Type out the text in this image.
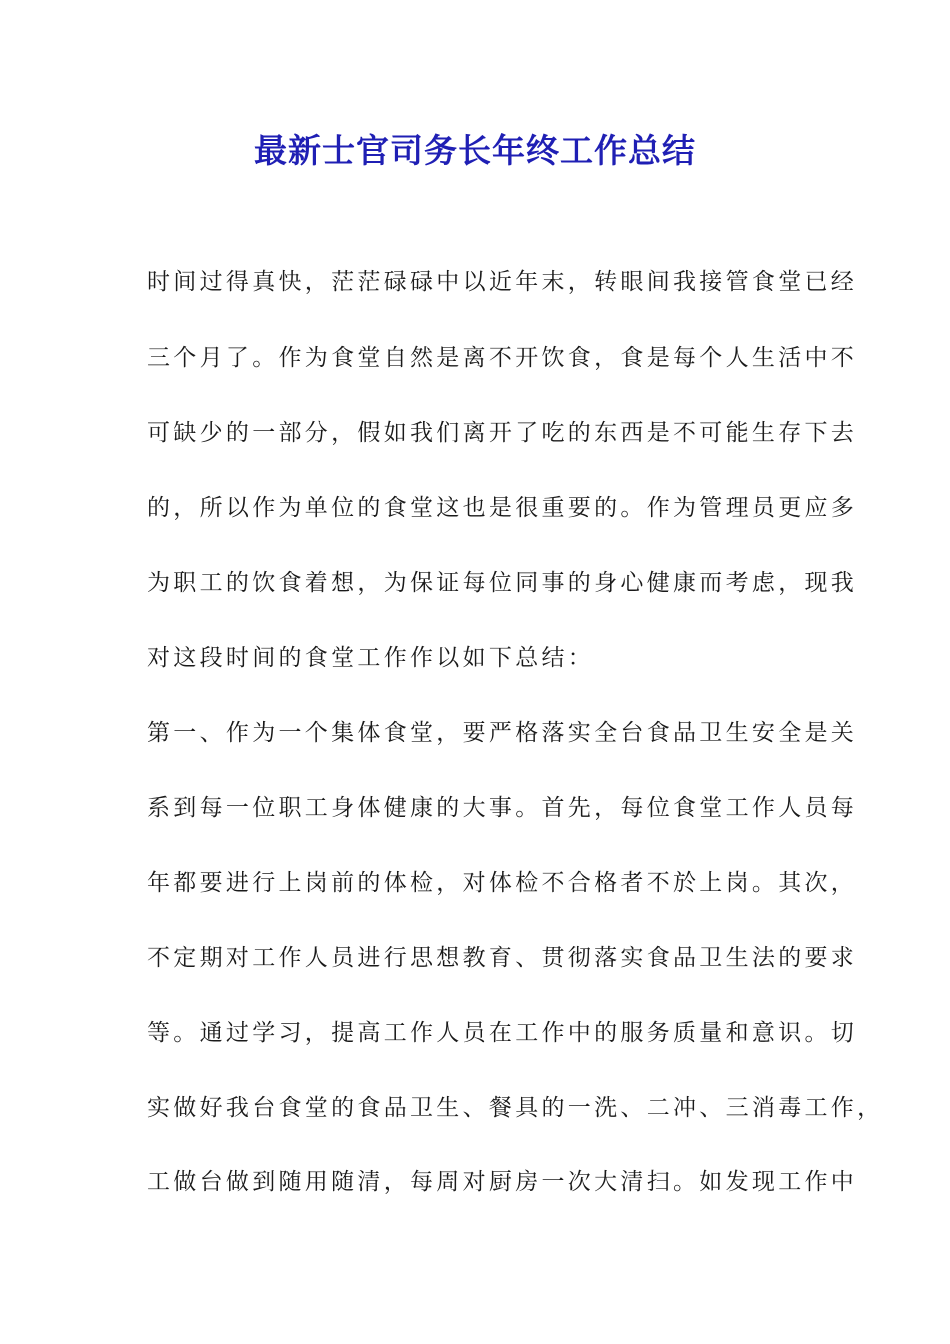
最新士官司务长年终工作总结

时间过得真快，茫茫碌碌中以近年末，转眼间我接管食堂已经

三个月了。作为食堂自然是离不开饮食，食是每个人生活中不

可缺少的一部分，假如我们离开了吃的东西是不可能生存下去

的，所以作为单位的食堂这也是很重要的。作为管理员更应多

为职工的饮食着想，为保证每位同事的身心健康而考虑，现我

对这段时间的食堂工作作以如下总结：

第一、作为一个集体食堂，要严格落实全台食品卫生安全是关

系到每一位职工身体健康的大事。首先，每位食堂工作人员每

年都要进行上岗前的体检，对体检不合格者不於上岗。其次，

不定期对工作人员进行思想教育、贯彻落实食品卫生法的要求

等。通过学习，提高工作人员在工作中的服务质量和意识。切

实做好我台食堂的食品卫生、餐具的一洗、二冲、三消毒工作，

工做台做到随用随清，每周对厨房一次大清扫。如发现工作中
